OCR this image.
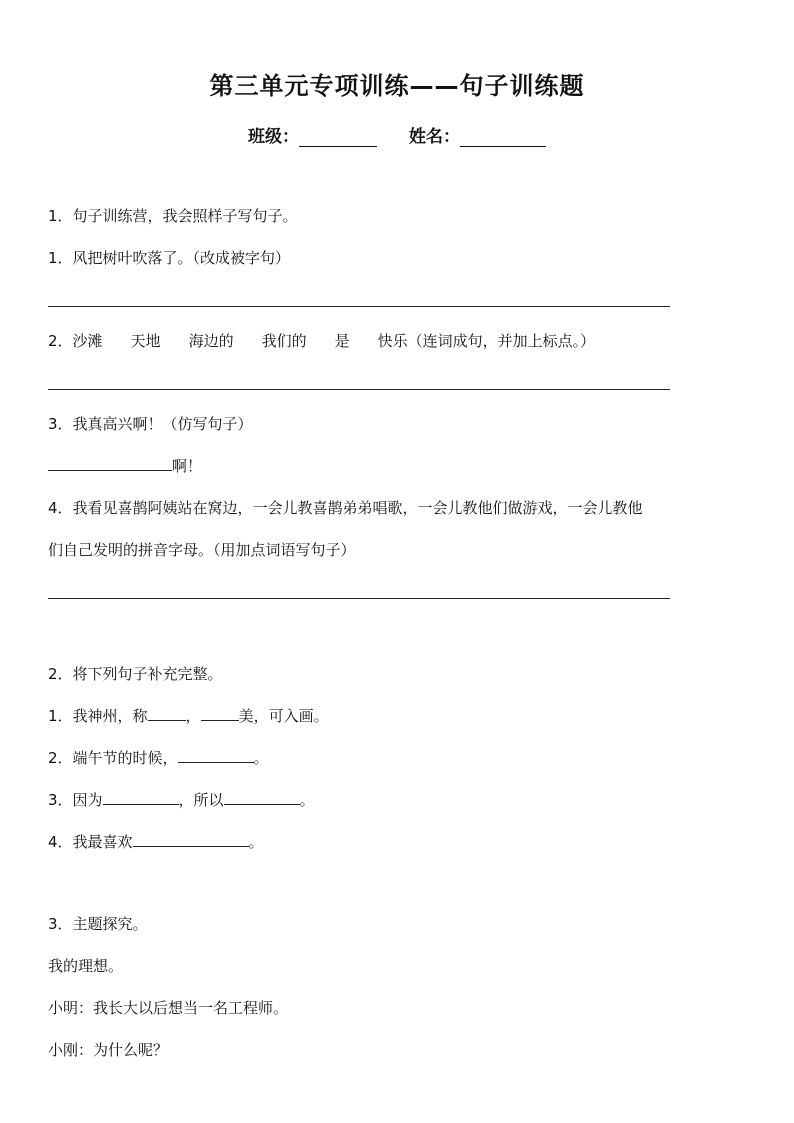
第三单元专项训练——句子训练题
班级：	姓名：
1．句子训练营，我会照样子写句子。
1．风把树叶吹落了。（改成被字句）
2．沙滩 天地 海边的 我们的 是 快乐（连词成句，并加上标点。）
3．我真高兴啊！（仿写句子）
啊！
4．我看见喜鹊阿姨站在窝边，一会儿教喜鹊弟弟唱歌，一会儿教他们做游戏，一会儿教他
们自己发明的拼音字母。（用加点词语写句子）
2．将下列句子补充完整。
1．我神州，称	，	美，可入画。
2．端午节的时候，	。
3．因为	，所以	。
4．我最喜欢	。
3．主题探究。
我的理想。
小明：我长大以后想当一名工程师。
小刚：为什么呢？
